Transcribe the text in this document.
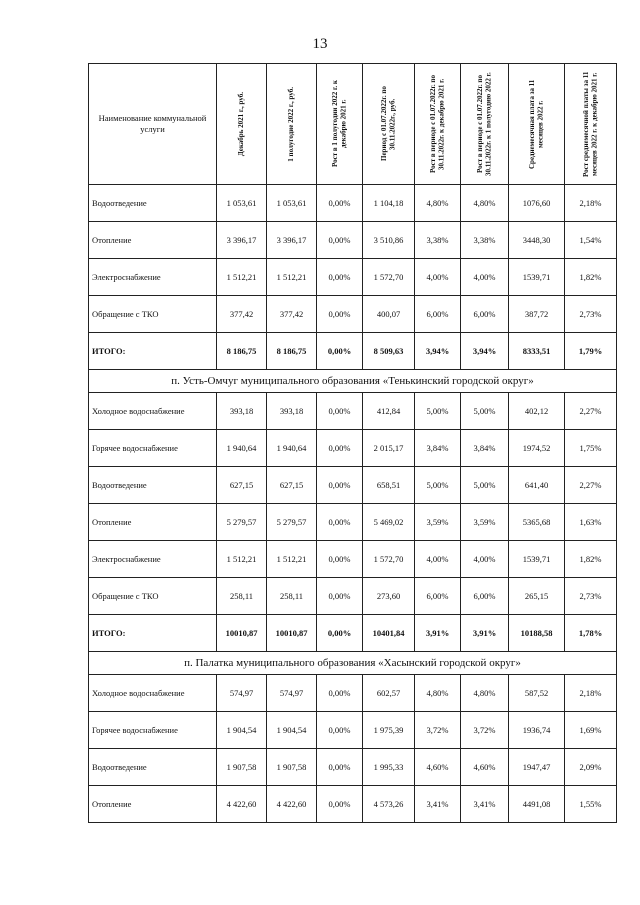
13
Наименование коммунальной услуги	Декабрь 2021 г., руб.	1 полугодие 2022 г., руб.	Рост в 1 полугодии 2022 г. к декабрю 2021 г.	Период с 01.07.2022г. по 30.11.2022г., руб.	Рост в периоде с 01.07.2022г. по 30.11.2022г. к декабрю 2021 г.	Рост в периоде с 01.07.2022г. по 30.11.2022г. к 1 полугодию 2022 г.	Среднемесячная плата за 11 месяцев 2022 г.	Рост среднемесячной платы за 11 месяцев 2022 г. к декабрю 2021 г.

Водоотведение	1 053,61	1 053,61	0,00%	1 104,18	4,80%	4,80%	1076,60	2,18%
Отопление	3 396,17	3 396,17	0,00%	3 510,86	3,38%	3,38%	3448,30	1,54%
Электроснабжение	1 512,21	1 512,21	0,00%	1 572,70	4,00%	4,00%	1539,71	1,82%
Обращение с ТКО	377,42	377,42	0,00%	400,07	6,00%	6,00%	387,72	2,73%
ИТОГО:	8 186,75	8 186,75	0,00%	8 509,63	3,94%	3,94%	8333,51	1,79%
п. Усть-Омчуг муниципального образования «Тенькинский городской округ»								
Холодное водоснабжение	393,18	393,18	0,00%	412,84	5,00%	5,00%	402,12	2,27%
Горячее водоснабжение	1 940,64	1 940,64	0,00%	2 015,17	3,84%	3,84%	1974,52	1,75%
Водоотведение	627,15	627,15	0,00%	658,51	5,00%	5,00%	641,40	2,27%
Отопление	5 279,57	5 279,57	0,00%	5 469,02	3,59%	3,59%	5365,68	1,63%
Электроснабжение	1 512,21	1 512,21	0,00%	1 572,70	4,00%	4,00%	1539,71	1,82%
Обращение с ТКО	258,11	258,11	0,00%	273,60	6,00%	6,00%	265,15	2,73%
ИТОГО:	10010,87	10010,87	0,00%	10401,84	3,91%	3,91%	10188,58	1,78%
п. Палатка муниципального образования «Хасынский городской округ»								
Холодное водоснабжение	574,97	574,97	0,00%	602,57	4,80%	4,80%	587,52	2,18%
Горячее водоснабжение	1 904,54	1 904,54	0,00%	1 975,39	3,72%	3,72%	1936,74	1,69%
Водоотведение	1 907,58	1 907,58	0,00%	1 995,33	4,60%	4,60%	1947,47	2,09%
Отопление	4 422,60	4 422,60	0,00%	4 573,26	3,41%	3,41%	4491,08	1,55%
